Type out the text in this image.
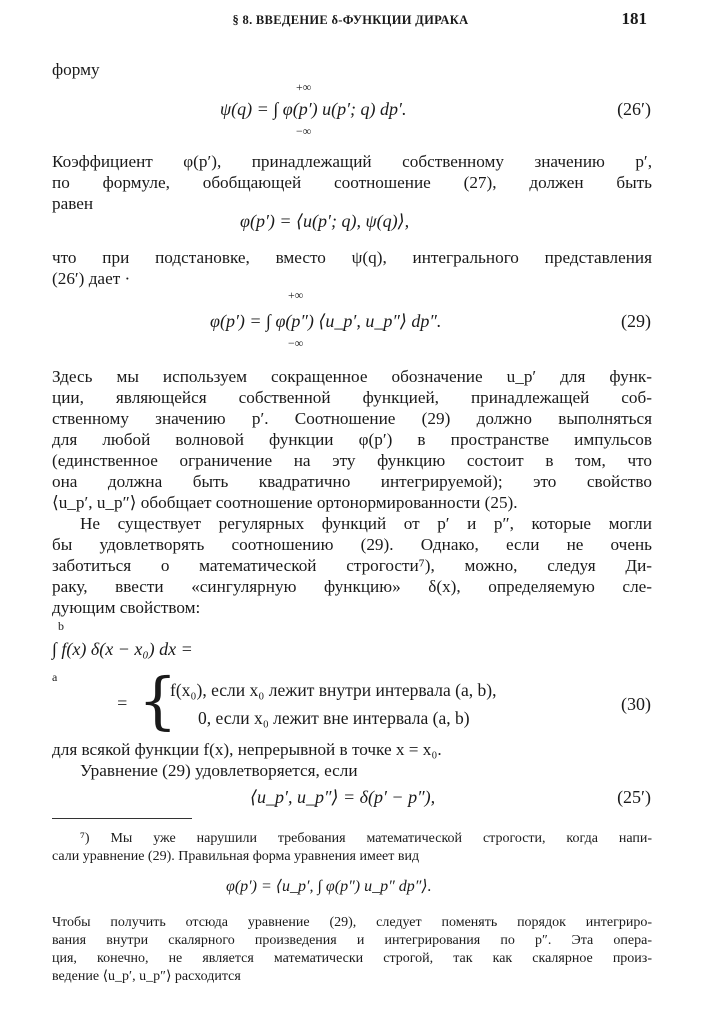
§ 8. ВВЕДЕНИЕ δ-ФУНКЦИИ ДИРАКА	181
форму
+∞
−∞
ψ(q) = ∫ φ(p′) u(p′; q) dp′.	(26′)
Коэффициент φ(p′), принадлежащий собственному значению p′,
по формуле, обобщающей соотношение (27), должен быть
равен
φ(p′) = ⟨u(p′; q), ψ(q)⟩,
что при подстановке, вместо ψ(q), интегрального представления
(26′) дает ·
+∞
−∞
φ(p′) = ∫ φ(p″) ⟨u_p′, u_p″⟩ dp″.	(29)
Здесь мы используем сокращенное обозначение u_p′ для функ-
ции, являющейся собственной функцией, принадлежащей соб-
ственному значению p′. Соотношение (29) должно выполняться
для любой волновой функции φ(p′) в пространстве импульсов
(единственное ограничение на эту функцию состоит в том, что
она должна быть квадратично интегрируемой); это свойство
⟨u_p′, u_p″⟩ обобщает соотношение ортонормированности (25).
Не существует регулярных функций от p′ и p″, которые могли
бы удовлетворять соотношению (29). Однако, если не очень
заботиться о математической строгости⁷), можно, следуя Ди-
раку, ввести «сингулярную функцию» δ(x), определяемую сле-
дующим свойством:
b
a
∫ f(x) δ(x − x₀) dx =
= {
f(x₀), если x₀ лежит внутри интервала (a, b),
0, если x₀ лежит вне интервала (a, b)
(30)
для всякой функции f(x), непрерывной в точке x = x₀.
Уравнение (29) удовлетворяется, если
⟨u_p′, u_p″⟩ = δ(p′ − p″),	(25′)
⁷) Мы уже нарушили требования математической строгости, когда напи-
сали уравнение (29). Правильная форма уравнения имеет вид
φ(p′) = ⟨u_p′, ∫ φ(p″) u_p″ dp″⟩.
Чтобы получить отсюда уравнение (29), следует поменять порядок интегриро-
вания внутри скалярного произведения и интегрирования по p″. Эта опера-
ция, конечно, не является математически строгой, так как скалярное произ-
ведение ⟨u_p′, u_p″⟩ расходится
